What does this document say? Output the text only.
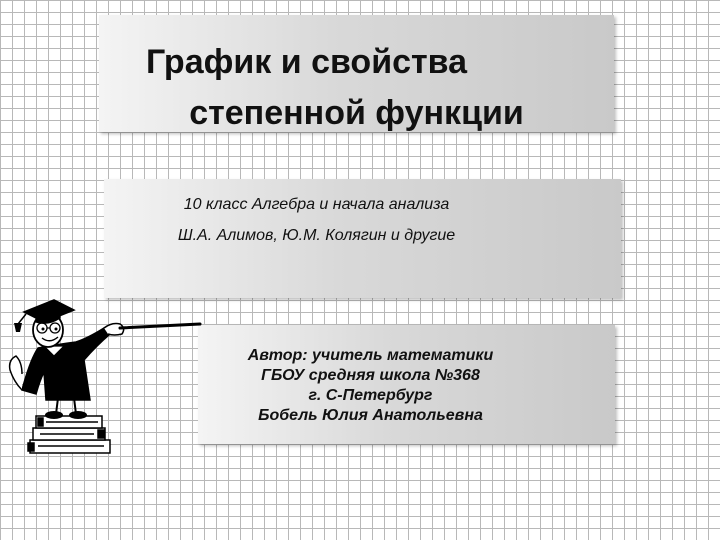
График и свойства
степенной функции
10 класс Алгебра и начала анализа
Ш.А. Алимов, Ю.М. Колягин и другие
Автор: учитель математики
ГБОУ средняя школа №368
г. С-Петербург
Бобель Юлия Анатольевна
